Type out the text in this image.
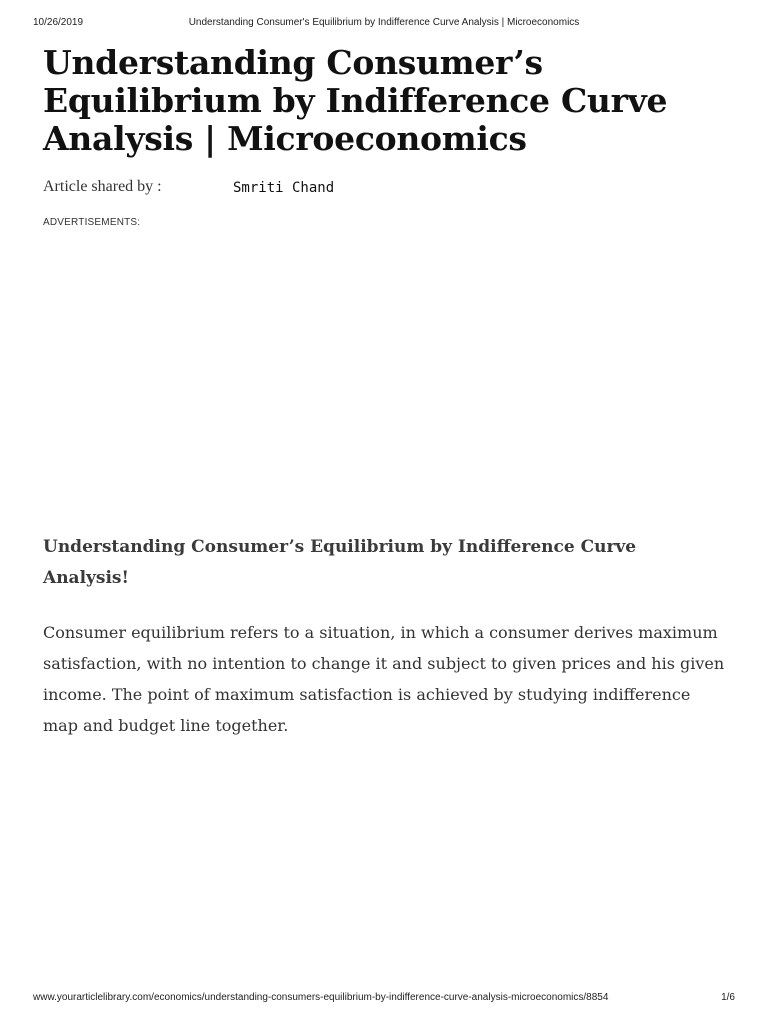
10/26/2019	Understanding Consumer's Equilibrium by Indifference Curve Analysis | Microeconomics
Understanding Consumer’s Equilibrium by Indifference Curve Analysis | Microeconomics
Article shared by :	Smriti Chand
ADVERTISEMENTS:
Understanding Consumer’s Equilibrium by Indifference Curve Analysis!

Consumer equilibrium refers to a situation, in which a consumer derives maximum satisfaction, with no intention to change it and subject to given prices and his given income. The point of maximum satisfaction is achieved by studying indifference map and budget line together.

www.yourarticlelibrary.com/economics/understanding-consumers-equilibrium-by-indifference-curve-analysis-microeconomics/8854	1/6
